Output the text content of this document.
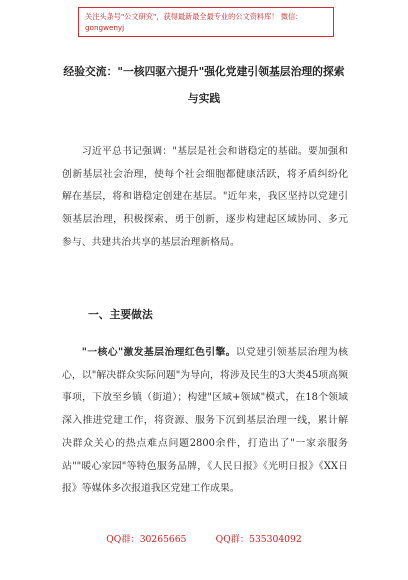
关注头条号"公文研究"，获得最新最全最专业的公文资料库！ 微信：gongwenyj
经验交流："一核四驱六提升"强化党建引领基层治理的探索与实践

习近平总书记强调："基层是社会和谐稳定的基础。要加强和创新基层社会治理，使每个社会细胞都健康活跃，将矛盾纠纷化解在基层，将和谐稳定创建在基层。"近年来，我区坚持以党建引领基层治理，积极探索、勇于创新，逐步构建起区域协同、多元参与、共建共治共享的基层治理新格局。

一、主要做法

"一核心"激发基层治理红色引擎。以党建引领基层治理为核心，以"解决群众实际问题"为导向，将涉及民生的3大类45项高频事项，下放至乡镇（街道）；构建"区域+领域"模式，在18个领域深入推进党建工作，将资源、服务下沉到基层治理一线，累计解决群众关心的热点难点问题2800余件，打造出了"一家亲服务站""暖心家园"等特色服务品牌，《人民日报》《光明日报》《XX日报》等媒体多次报道我区党建工作成果。

QQ群：30265665          QQ群：535304092
